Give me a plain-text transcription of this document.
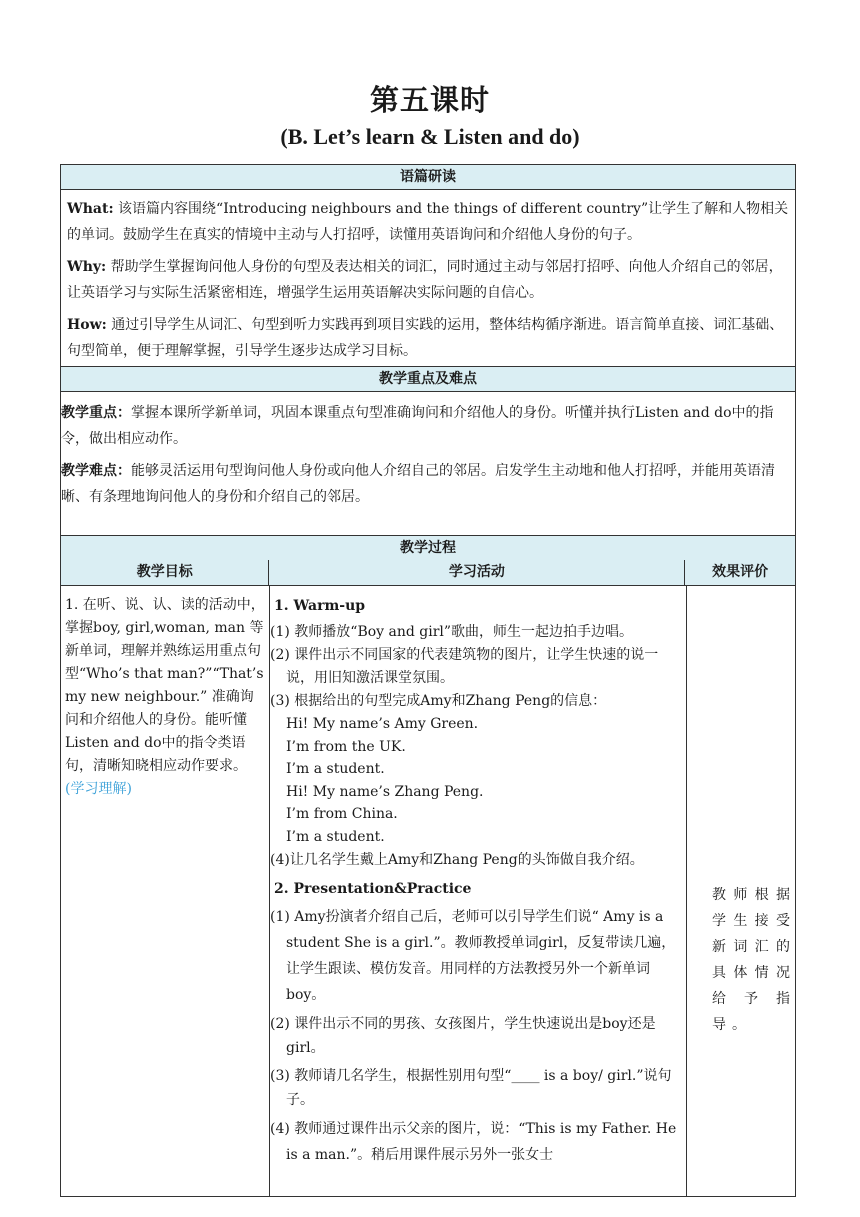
第五课时
(B. Let’s learn & Listen and do)
语篇研读

What: 该语篇内容围绕“Introducing neighbours and the things of different country”让学生了解和人物相关的单词。鼓励学生在真实的情境中主动与人打招呼，读懂用英语询问和介绍他人身份的句子。

Why: 帮助学生掌握询问他人身份的句型及表达相关的词汇，同时通过主动与邻居打招呼、向他人介绍自己的邻居，让英语学习与实际生活紧密相连，增强学生运用英语解决实际问题的自信心。

How: 通过引导学生从词汇、句型到听力实践再到项目实践的运用，整体结构循序渐进。语言简单直接、词汇基础、句型简单，便于理解掌握，引导学生逐步达成学习目标。

教学重点及难点

教学重点：掌握本课所学新单词，巩固本课重点句型准确询问和介绍他人的身份。听懂并执行Listen and do中的指令，做出相应动作。

教学难点：能够灵活运用句型询问他人身份或向他人介绍自己的邻居。启发学生主动地和他人打招呼，并能用英语清晰、有条理地询问他人的身份和介绍自己的邻居。

教学过程
教学目标	学习活动	效果评价
1. 在听、说、认、读的活动中，掌握boy, girl,woman, man 等新单词，理解并熟练运用重点句型“Who’s that man?”“That’s my new neighbour.” 准确询问和介绍他人的身份。能听懂Listen and do中的指令类语句，清晰知晓相应动作要求。(学习理解)
1. Warm-up
(1) 教师播放“Boy and girl”歌曲，师生一起边拍手边唱。
(2) 课件出示不同国家的代表建筑物的图片，让学生快速的说一说，用旧知激活课堂氛围。
(3) 根据给出的句型完成Amy和Zhang Peng的信息：
Hi! My name’s Amy Green.
I’m from the UK.
I’m a student.
Hi! My name’s Zhang Peng.
I’m from China.
I’m a student.
(4)让几名学生戴上Amy和Zhang Peng的头饰做自我介绍。
2. Presentation&Practice
(1) Amy扮演者介绍自己后，老师可以引导学生们说“ Amy is a student She is a girl.”。教师教授单词girl，反复带读几遍，让学生跟读、模仿发音。用同样的方法教授另外一个新单词boy。
(2) 课件出示不同的男孩、女孩图片，学生快速说出是boy还是girl。
(3) 教师请几名学生，根据性别用句型“____ is a boy/ girl.”说句子。
(4) 教师通过课件出示父亲的图片，说：“This is my Father. He is a man.”。稍后用课件展示另外一张女士
教师根据学生接受新词汇的具体情况给予指导。
